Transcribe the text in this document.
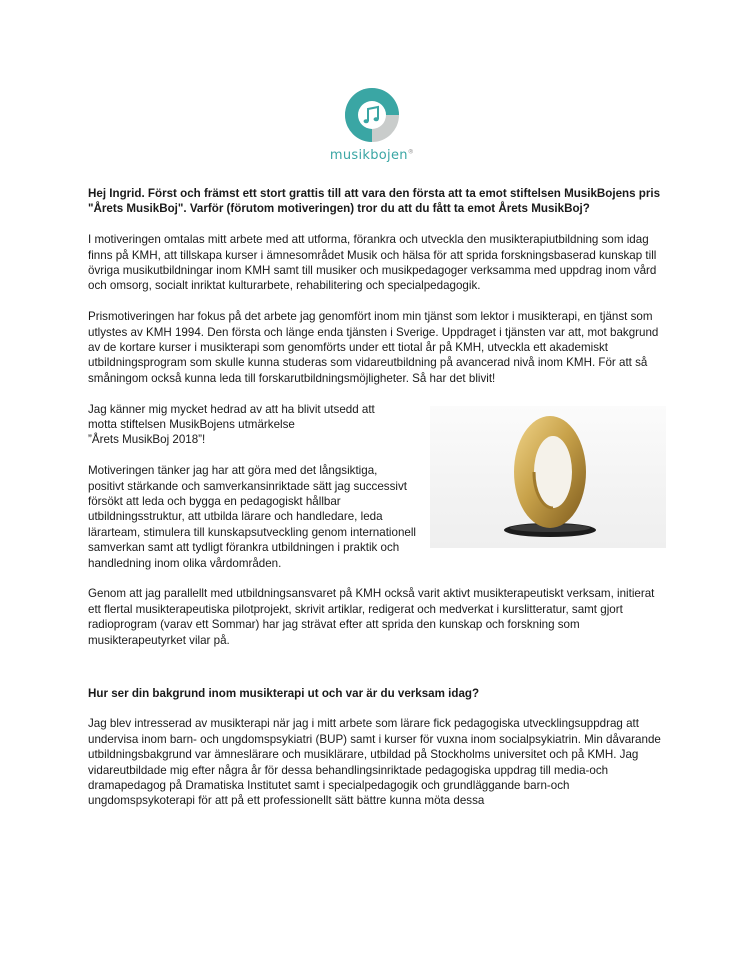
musikbojen®

Hej Ingrid. Först och främst ett stort grattis till att vara den första att ta emot stiftelsen MusikBojens pris "Årets MusikBoj". Varför (förutom motiveringen) tror du att du fått ta emot Årets MusikBoj?

I motiveringen omtalas mitt arbete med att utforma, förankra och utveckla den musikterapiutbildning som idag finns på KMH, att tillskapa kurser i ämnesområdet Musik och hälsa för att sprida forskningsbaserad kunskap till övriga musikutbildningar inom KMH samt till musiker och musikpedagoger verksamma med uppdrag inom vård och omsorg, socialt inriktat kulturarbete, rehabilitering och specialpedagogik.

Prismotiveringen har fokus på det arbete jag genomfört inom min tjänst som lektor i musikterapi, en tjänst som utlystes av KMH 1994. Den första och länge enda tjänsten i Sverige. Uppdraget i tjänsten var att, mot bakgrund av de kortare kurser i musikterapi som genomförts under ett tiotal år på KMH, utveckla ett akademiskt utbildningsprogram som skulle kunna studeras som vidareutbildning på avancerad nivå inom KMH. För att så småningom också kunna leda till forskarutbildningsmöjligheter. Så har det blivit!

Jag känner mig mycket hedrad av att ha blivit utsedd att
motta stiftelsen MusikBojens utmärkelse
”Årets MusikBoj 2018”!

Motiveringen tänker jag har att göra med det långsiktiga, positivt stärkande och samverkansinriktade sätt jag successivt försökt att leda och bygga en pedagogiskt hållbar utbildningsstruktur, att utbilda lärare och handledare, leda lärarteam, stimulera till kunskapsutveckling genom internationell samverkan samt att tydligt förankra utbildningen i praktik och handledning inom olika vårdområden.

Genom att jag parallellt med utbildningsansvaret på KMH också varit aktivt musikterapeutiskt verksam, initierat ett flertal musikterapeutiska pilotprojekt, skrivit artiklar, redigerat och medverkat i kurslitteratur, samt gjort radioprogram (varav ett Sommar) har jag strävat efter att sprida den kunskap och forskning som musikterapeutyrket vilar på.

Hur ser din bakgrund inom musikterapi ut och var är du verksam idag?

Jag blev intresserad av musikterapi när jag i mitt arbete som lärare fick pedagogiska utvecklingsuppdrag att undervisa inom barn- och ungdomspsykiatri (BUP) samt i kurser för vuxna inom socialpsykiatrin. Min dåvarande utbildningsbakgrund var ämneslärare och musiklärare, utbildad på Stockholms universitet och på KMH. Jag vidareutbildade mig efter några år för dessa behandlingsinriktade pedagogiska uppdrag till media-och dramapedagog på Dramatiska Institutet samt i specialpedagogik och grundläggande barn-och ungdomspsykoterapi för att på ett professionellt sätt bättre kunna möta dessa
